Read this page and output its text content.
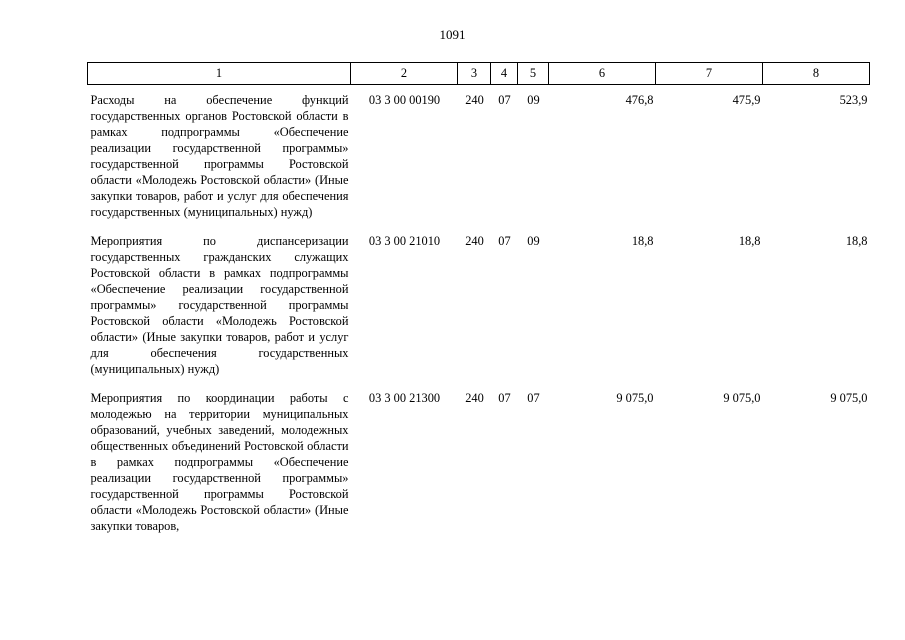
1091
1	2	3	4	5	6	7	8
Расходы на обеспечение функций государственных органов Ростовской области в рамках подпрограммы «Обеспечение реализации государственной программы» государственной программы Ростовской области «Молодежь Ростовской области» (Иные закупки товаров, работ и услуг для обеспечения государственных (муниципальных) нужд)	03 3 00 00190	240	07	09	476,8	475,9	523,9
Мероприятия по диспансеризации государственных гражданских служащих Ростовской области в рамках подпрограммы «Обеспечение реализации государственной программы» государственной программы Ростовской области «Молодежь Ростовской области» (Иные закупки товаров, работ и услуг для обеспечения государственных (муниципальных) нужд)	03 3 00 21010	240	07	09	18,8	18,8	18,8
Мероприятия по координации работы с молодежью на территории муниципальных образований, учебных заведений, молодежных общественных объединений Ростовской области в рамках подпрограммы «Обеспечение реализации государственной программы» государственной программы Ростовской области «Молодежь Ростовской области» (Иные закупки товаров,	03 3 00 21300	240	07	07	9 075,0	9 075,0	9 075,0
